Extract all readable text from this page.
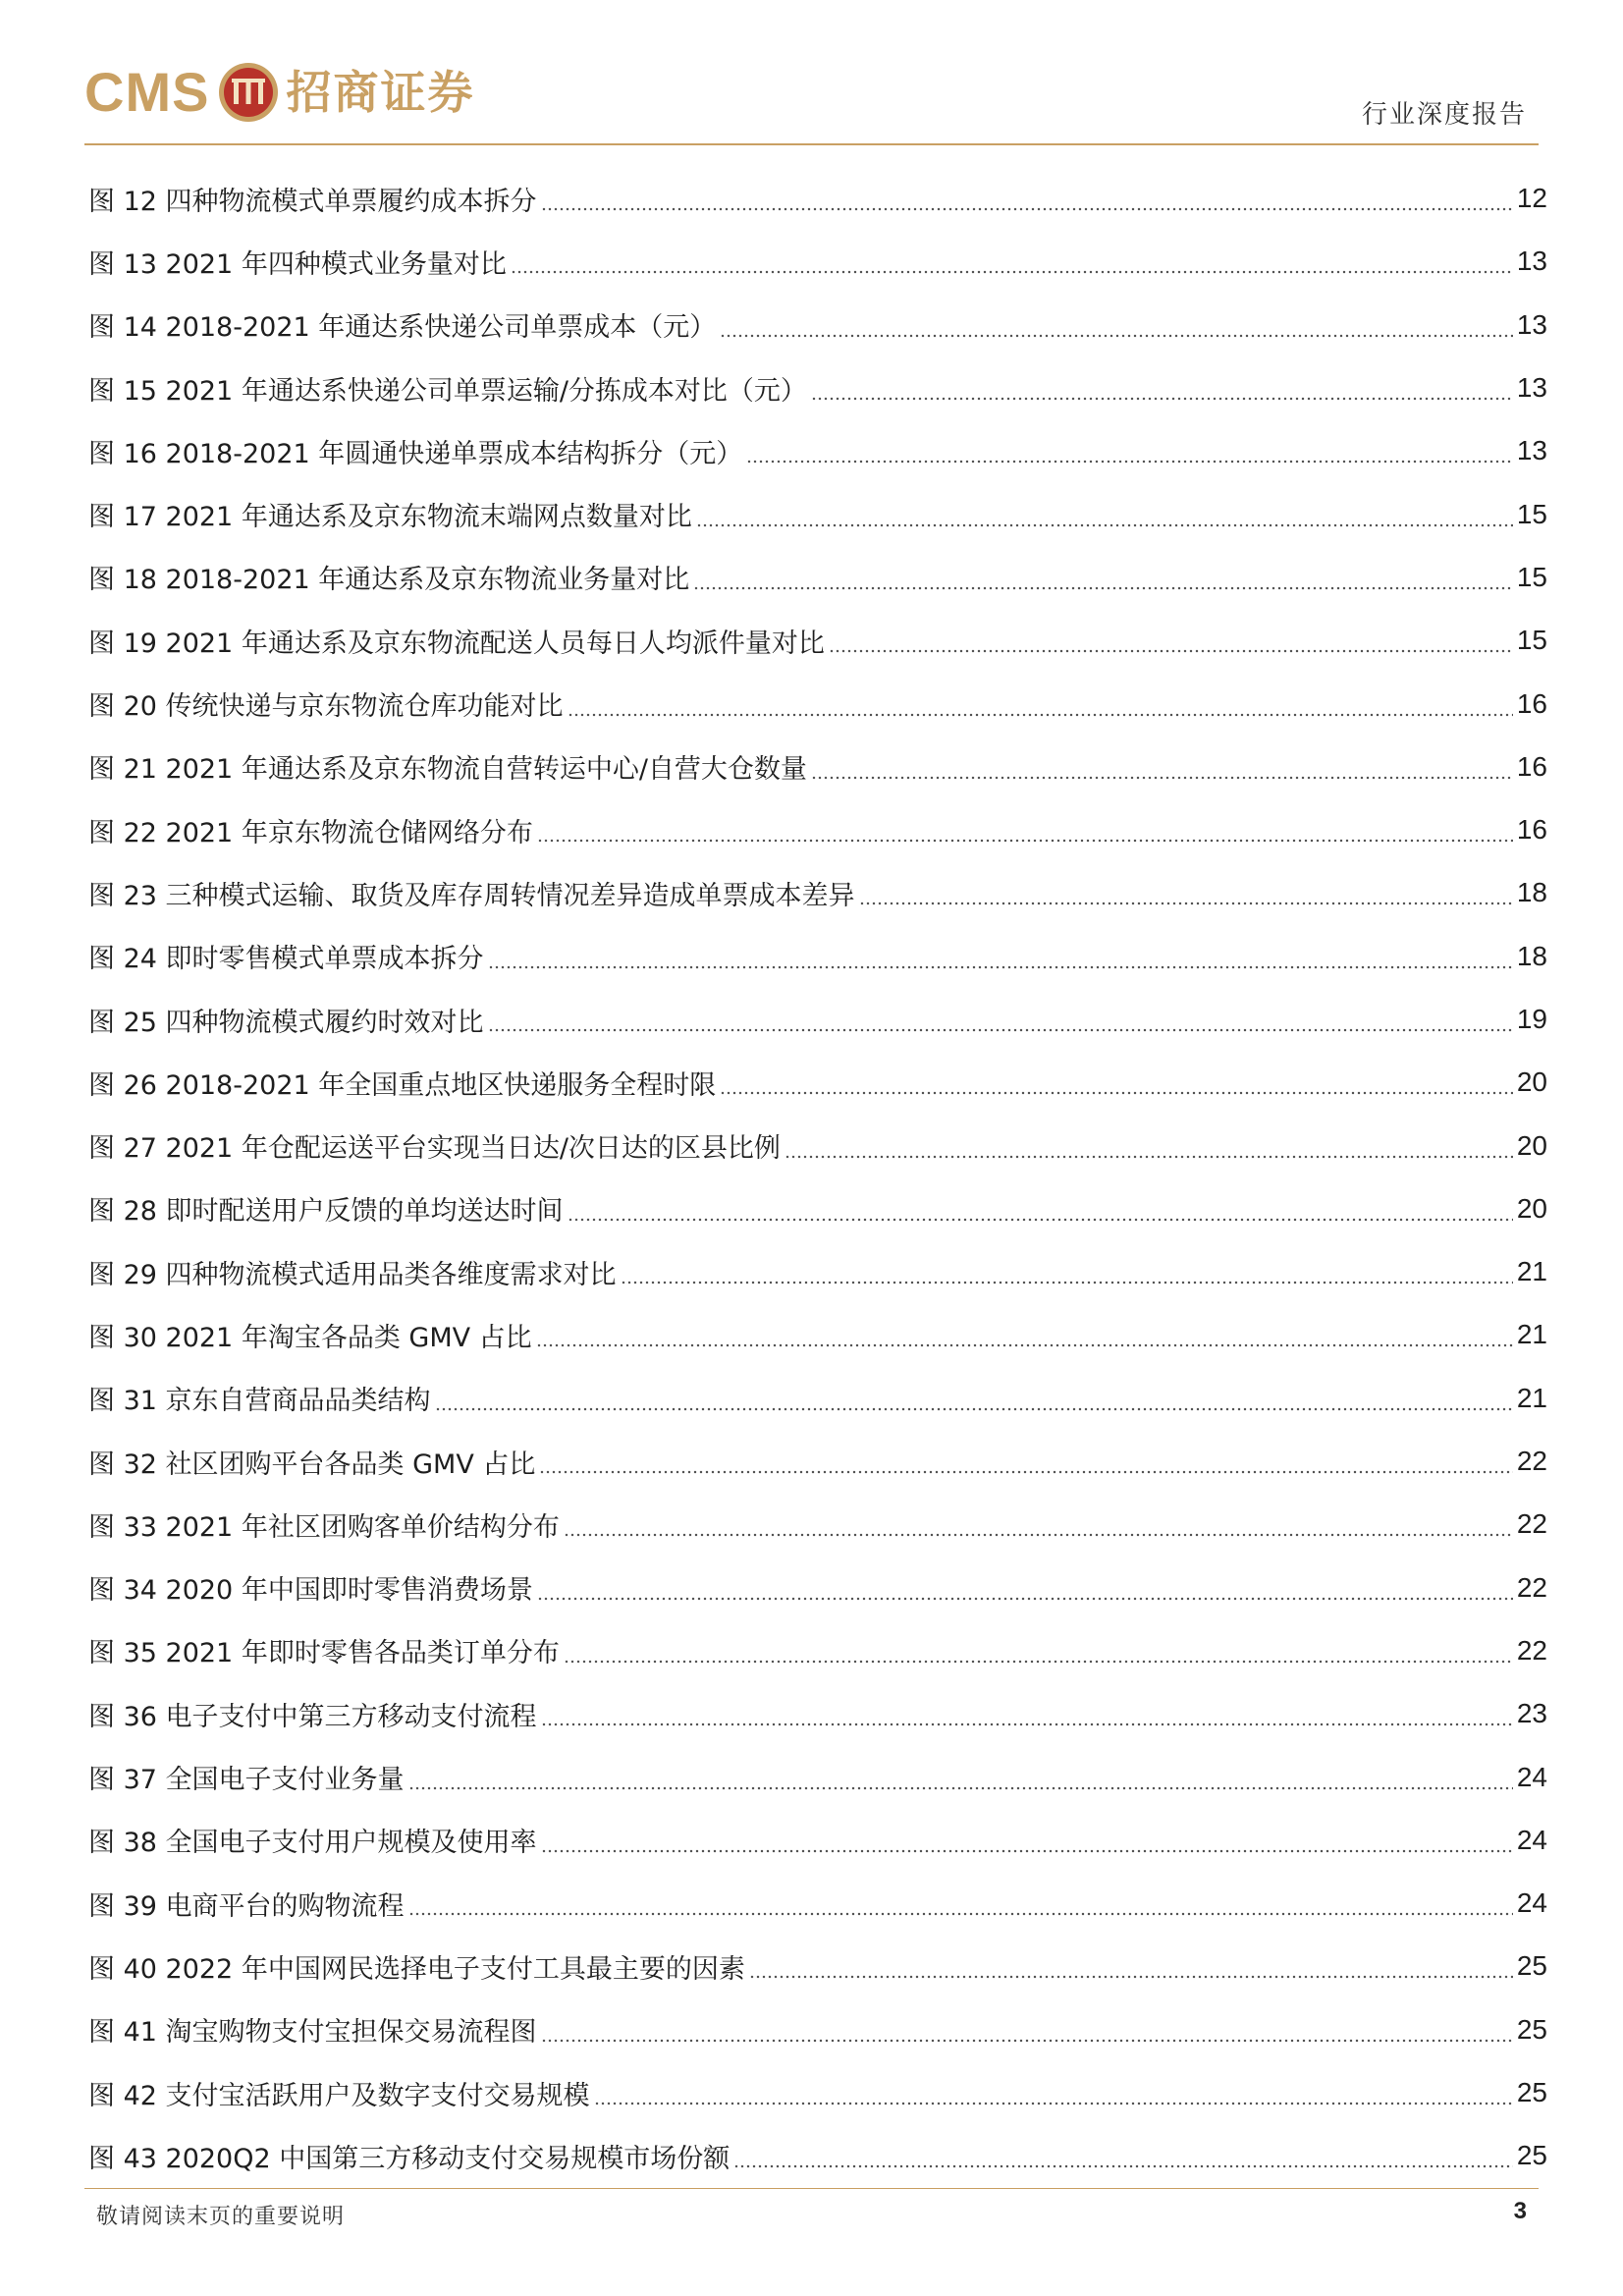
CMS 招商证券	行业深度报告
图 12 四种物流模式单票履约成本拆分	12
图 13 2021 年四种模式业务量对比	13
图 14 2018-2021 年通达系快递公司单票成本（元）	13
图 15 2021 年通达系快递公司单票运输/分拣成本对比（元）	13
图 16 2018-2021 年圆通快递单票成本结构拆分（元）	13
图 17 2021 年通达系及京东物流末端网点数量对比	15
图 18 2018-2021 年通达系及京东物流业务量对比	15
图 19 2021 年通达系及京东物流配送人员每日人均派件量对比	15
图 20 传统快递与京东物流仓库功能对比	16
图 21 2021 年通达系及京东物流自营转运中心/自营大仓数量	16
图 22 2021 年京东物流仓储网络分布	16
图 23 三种模式运输、取货及库存周转情况差异造成单票成本差异	18
图 24 即时零售模式单票成本拆分	18
图 25 四种物流模式履约时效对比	19
图 26 2018-2021 年全国重点地区快递服务全程时限	20
图 27 2021 年仓配运送平台实现当日达/次日达的区县比例	20
图 28 即时配送用户反馈的单均送达时间	20
图 29 四种物流模式适用品类各维度需求对比	21
图 30 2021 年淘宝各品类 GMV 占比	21
图 31 京东自营商品品类结构	21
图 32 社区团购平台各品类 GMV 占比	22
图 33 2021 年社区团购客单价结构分布	22
图 34 2020 年中国即时零售消费场景	22
图 35 2021 年即时零售各品类订单分布	22
图 36 电子支付中第三方移动支付流程	23
图 37 全国电子支付业务量	24
图 38 全国电子支付用户规模及使用率	24
图 39 电商平台的购物流程	24
图 40 2022 年中国网民选择电子支付工具最主要的因素	25
图 41 淘宝购物支付宝担保交易流程图	25
图 42 支付宝活跃用户及数字支付交易规模	25
图 43 2020Q2 中国第三方移动支付交易规模市场份额	25
敬请阅读末页的重要说明	3
